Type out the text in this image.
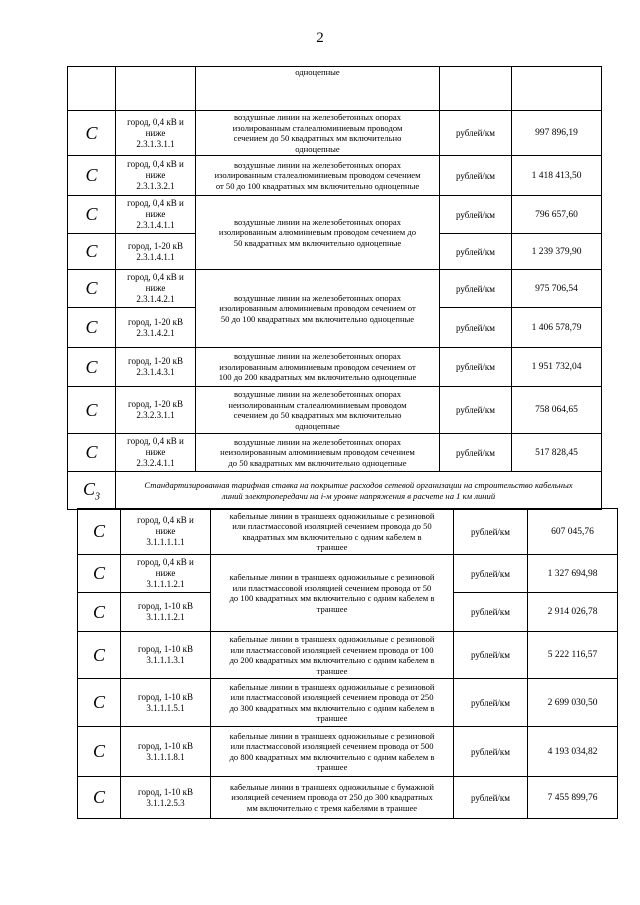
2
		одноцепные		
С	город, 0,4 кВ и
ниже
2.3.1.3.1.1	воздушные линии на железобетонных опорах
изолированным сталеалюминиевым проводом
сечением до 50 квадратных мм включительно
одноцепные	рублей/км	997 896,19
С	город, 0,4 кВ и
ниже
2.3.1.3.2.1	воздушные линии на железобетонных опорах
изолированным сталеалюминиевым проводом сечением
от 50 до 100 квадратных мм включительно одноцепные	рублей/км	1 418 413,50
С	город, 0,4 кВ и
ниже
2.3.1.4.1.1	воздушные линии на железобетонных опорах
изолированным алюминиевым проводом сечением до
50 квадратных мм включительно одноцепные	рублей/км	796 657,60
С	город, 1-20 кВ
2.3.1.4.1.1		рублей/км	1 239 379,90
С	город, 0,4 кВ и
ниже
2.3.1.4.2.1	воздушные линии на железобетонных опорах
изолированным алюминиевым проводом сечением от
50 до 100 квадратных мм включительно одноцепные	рублей/км	975 706,54
С	город, 1-20 кВ
2.3.1.4.2.1		рублей/км	1 406 578,79
С	город, 1-20 кВ
2.3.1.4.3.1	воздушные линии на железобетонных опорах
изолированным алюминиевым проводом сечением от
100 до 200 квадратных мм включительно одноцепные	рублей/км	1 951 732,04
С	город, 1-20 кВ
2.3.2.3.1.1	воздушные линии на железобетонных опорах
неизолированным сталеалюминиевым проводом
сечением до 50 квадратных мм включительно
одноцепные	рублей/км	758 064,65
С	город, 0,4 кВ и
ниже
2.3.2.4.1.1	воздушные линии на железобетонных опорах
неизолированным алюминиевым проводом сечением
до 50 квадратных мм включительно одноцепные	рублей/км	517 828,45
$С_3$	Стандартизированная тарифная ставка на покрытие расходов сетевой организации на строительство кабельных
линий электропередачи на i-м уровне напряжения в расчете на 1 км линий			
С	город, 0,4 кВ и
ниже
3.1.1.1.1.1	кабельные линии в траншеях одножильные с резиновой
или пластмассовой изоляцией сечением провода до 50
квадратных мм включительно с одним кабелем в
траншее	рублей/км	607 045,76
С	город, 0,4 кВ и
ниже
3.1.1.1.2.1	кабельные линии в траншеях одножильные с резиновой
или пластмассовой изоляцией сечением провода от 50
до 100 квадратных мм включительно с одним кабелем в
траншее	рублей/км	1 327 694,98
С	город, 1-10 кВ
3.1.1.1.2.1		рублей/км	2 914 026,78
С	город, 1-10 кВ
3.1.1.1.3.1	кабельные линии в траншеях одножильные с резиновой
или пластмассовой изоляцией сечением провода от 100
до 200 квадратных мм включительно с одним кабелем в
траншее	рублей/км	5 222 116,57
С	город, 1-10 кВ
3.1.1.1.5.1	кабельные линии в траншеях одножильные с резиновой
или пластмассовой изоляцией сечением провода от 250
до 300 квадратных мм включительно с одним кабелем в
траншее	рублей/км	2 699 030,50
С	город, 1-10 кВ
3.1.1.1.8.1	кабельные линии в траншеях одножильные с резиновой
или пластмассовой изоляцией сечением провода от 500
до 800 квадратных мм включительно с одним кабелем в
траншее	рублей/км	4 193 034,82
С	город, 1-10 кВ
3.1.1.2.5.3	кабельные линии в траншеях одножильные с бумажной
изоляцией сечением провода от 250 до 300 квадратных
мм включительно с тремя кабелями в траншее	рублей/км	7 455 899,76
